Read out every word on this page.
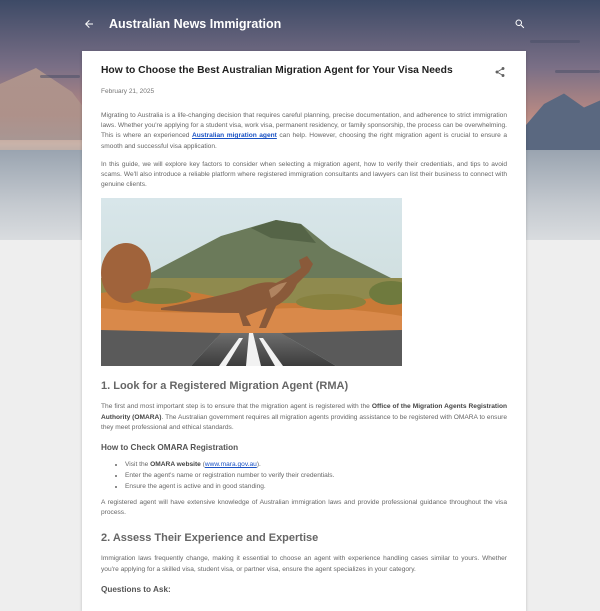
Australian News Immigration
How to Choose the Best Australian Migration Agent for Your Visa Needs
February 21, 2025

Migrating to Australia is a life-changing decision that requires careful planning, precise documentation, and adherence to strict immigration laws. Whether you're applying for a student visa, work visa, permanent residency, or family sponsorship, the process can be overwhelming. This is where an experienced Australian migration agent can help. However, choosing the right migration agent is crucial to ensure a smooth and successful visa application.

In this guide, we will explore key factors to consider when selecting a migration agent, how to verify their credentials, and tips to avoid scams. We'll also introduce a reliable platform where registered immigration consultants and lawyers can list their business to connect with genuine clients.

1. Look for a Registered Migration Agent (RMA)

The first and most important step is to ensure that the migration agent is registered with the Office of the Migration Agents Registration Authority (OMARA). The Australian government requires all migration agents providing assistance to be registered with OMARA to ensure they meet professional and ethical standards.

How to Check OMARA Registration
• Visit the OMARA website (www.mara.gov.au).
• Enter the agent's name or registration number to verify their credentials.
• Ensure the agent is active and in good standing.

A registered agent will have extensive knowledge of Australian immigration laws and provide professional guidance throughout the visa process.

2. Assess Their Experience and Expertise

Immigration laws frequently change, making it essential to choose an agent with experience handling cases similar to yours. Whether you're applying for a skilled visa, student visa, or partner visa, ensure the agent specializes in your category.

Questions to Ask:
